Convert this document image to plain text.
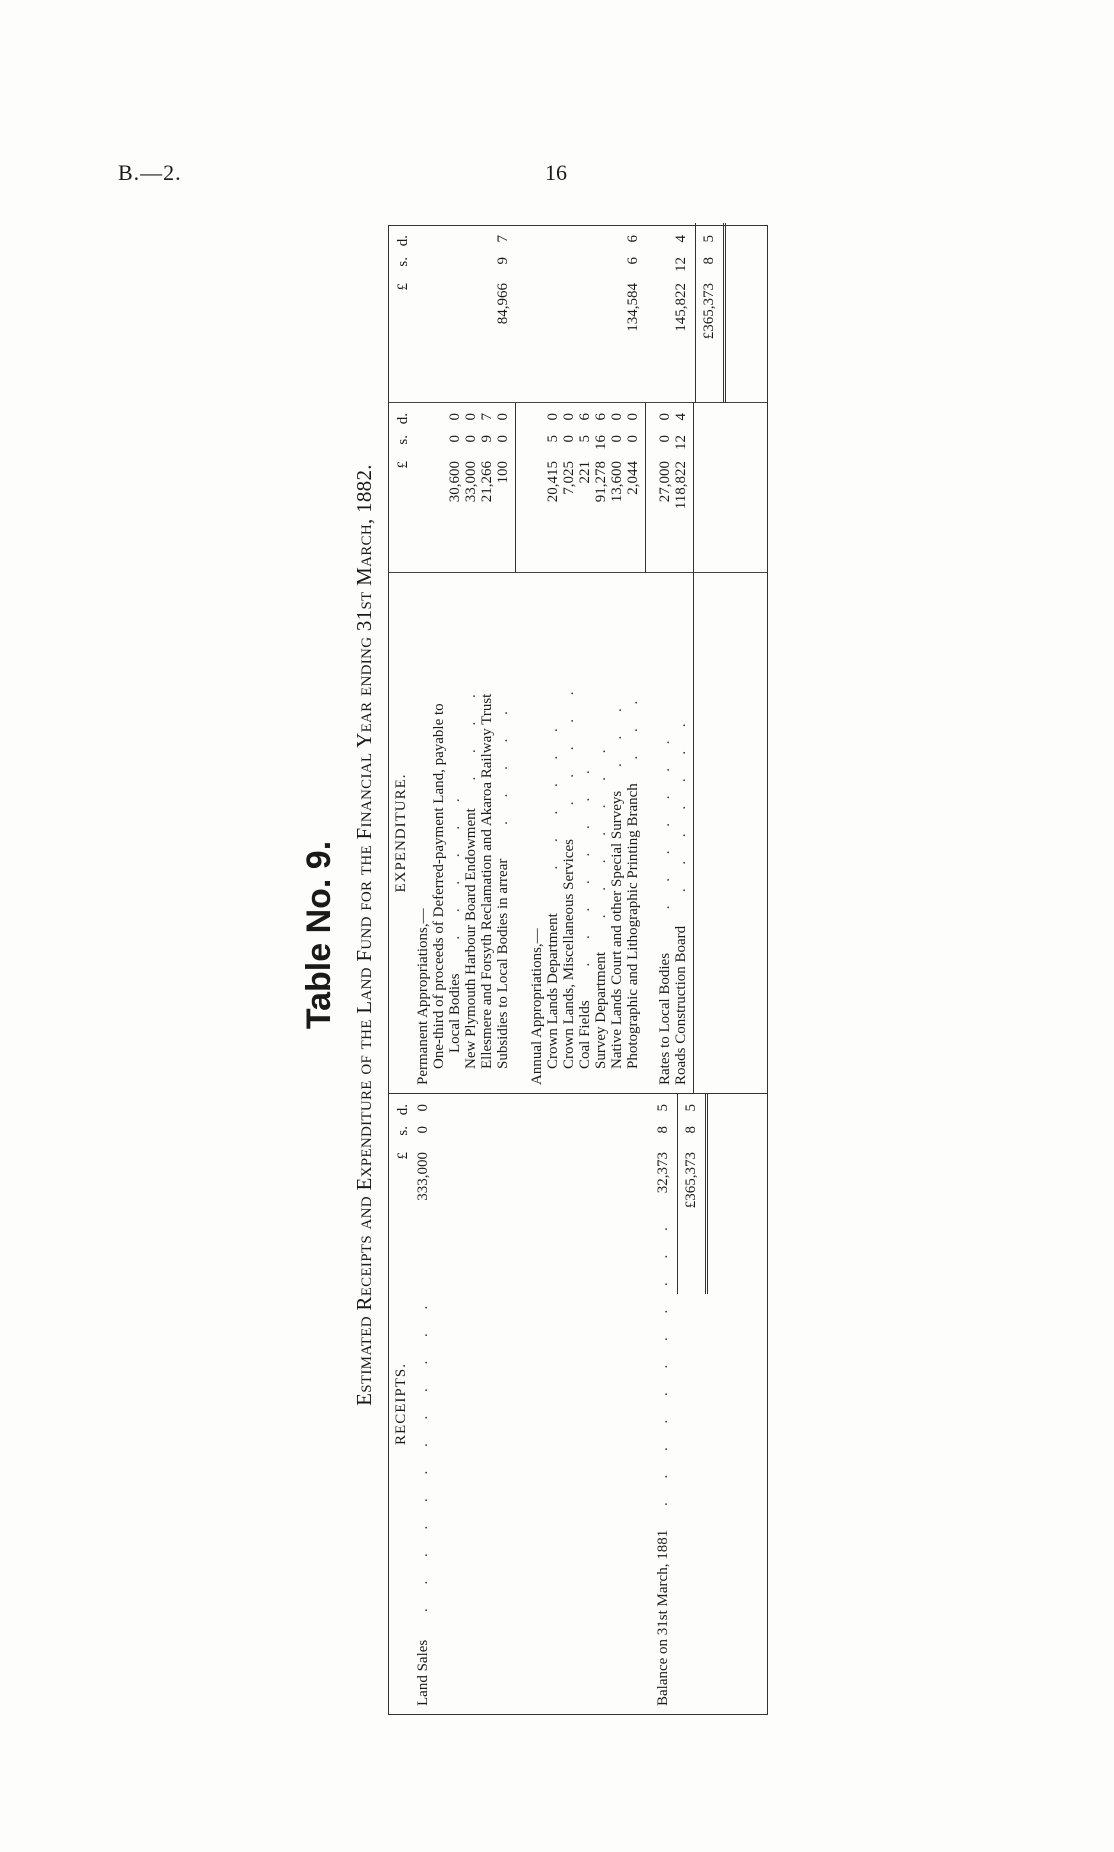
B.—2.	16
Table No. 9. Estimated Receipts and Expenditure of the Land Fund for the Financial Year ending 31st March, 1882. RECEIPTS.
£
s.
d.
Land Sales . . . . . . . . . . . .
333,000
0
0
Balance on 31st March, 1881 . . . . . . . . . . .
32,373
8
5
£365,373
8
5
EXPENDITURE.
£
s.
d.
£
s.
d.
Permanent Appropriations,— One-third of proceeds of Deferred-payment Land, payable to Local Bodies . . . . . .
30,600
0
0
New Plymouth Harbour Board Endowment . . . .
33,000
0
0
Ellesmere and Forsyth Reclamation and Akaroa Railway Trust
21,266
9
7
Subsidies to Local Bodies in arrear . . . . .
100
0
0
84,966
9
7
Annual Appropriations,— Crown Lands Department . . . . . .
20,415
5
0
Crown Lands, Miscellaneous Services . . . . .
7,025
0
0
Coal Fields . . . . . . . .
221
5
6
Survey Department . . . . . . .
91,278
16
6
Native Lands Court and other Special Surveys . . .
13,600
0
0
Photographic and Lithographic Printing Branch . . .
2,044
0
0
134,584
6
6
Rates to Local Bodies . . . . . . .
27,000
0
0
Roads Construction Board . . . . . . .
118,822
12
4
145,822
12
4
£365,373
8
5
